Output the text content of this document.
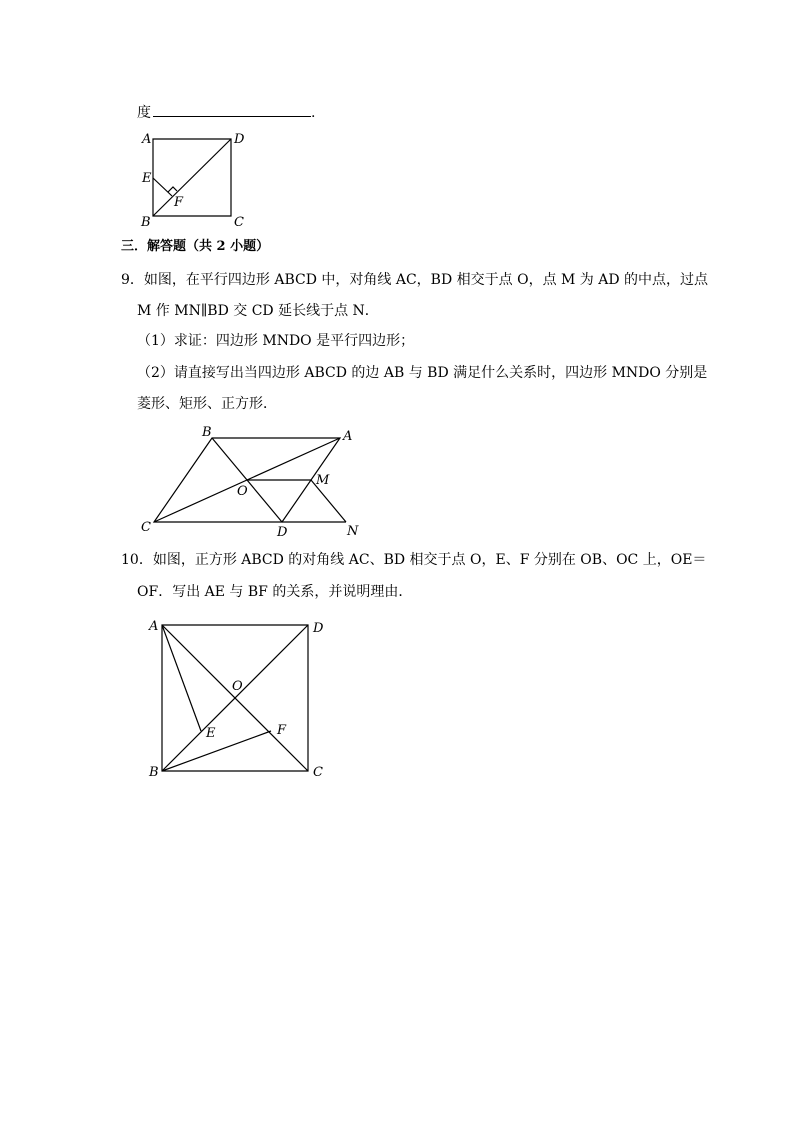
度	.
A	D
E
F
B	C
三．解答题（共 2 小题）
9．如图，在平行四边形 ABCD 中，对角线 AC，BD 相交于点 O，点 M 为 AD 的中点，过点
M 作 MN∥BD 交 CD 延长线于点 N．
（1）求证：四边形 MNDO 是平行四边形；
（2）请直接写出当四边形 ABCD 的边 AB 与 BD 满足什么关系时，四边形 MNDO 分别是
菱形、矩形、正方形．
B	A
O
M
C	D	N
10．如图，正方形 ABCD 的对角线 AC、BD 相交于点 O，E、F 分别在 OB、OC 上，OE＝
OF．写出 AE 与 BF 的关系，并说明理由．
A	D
O
E	F
B	C
